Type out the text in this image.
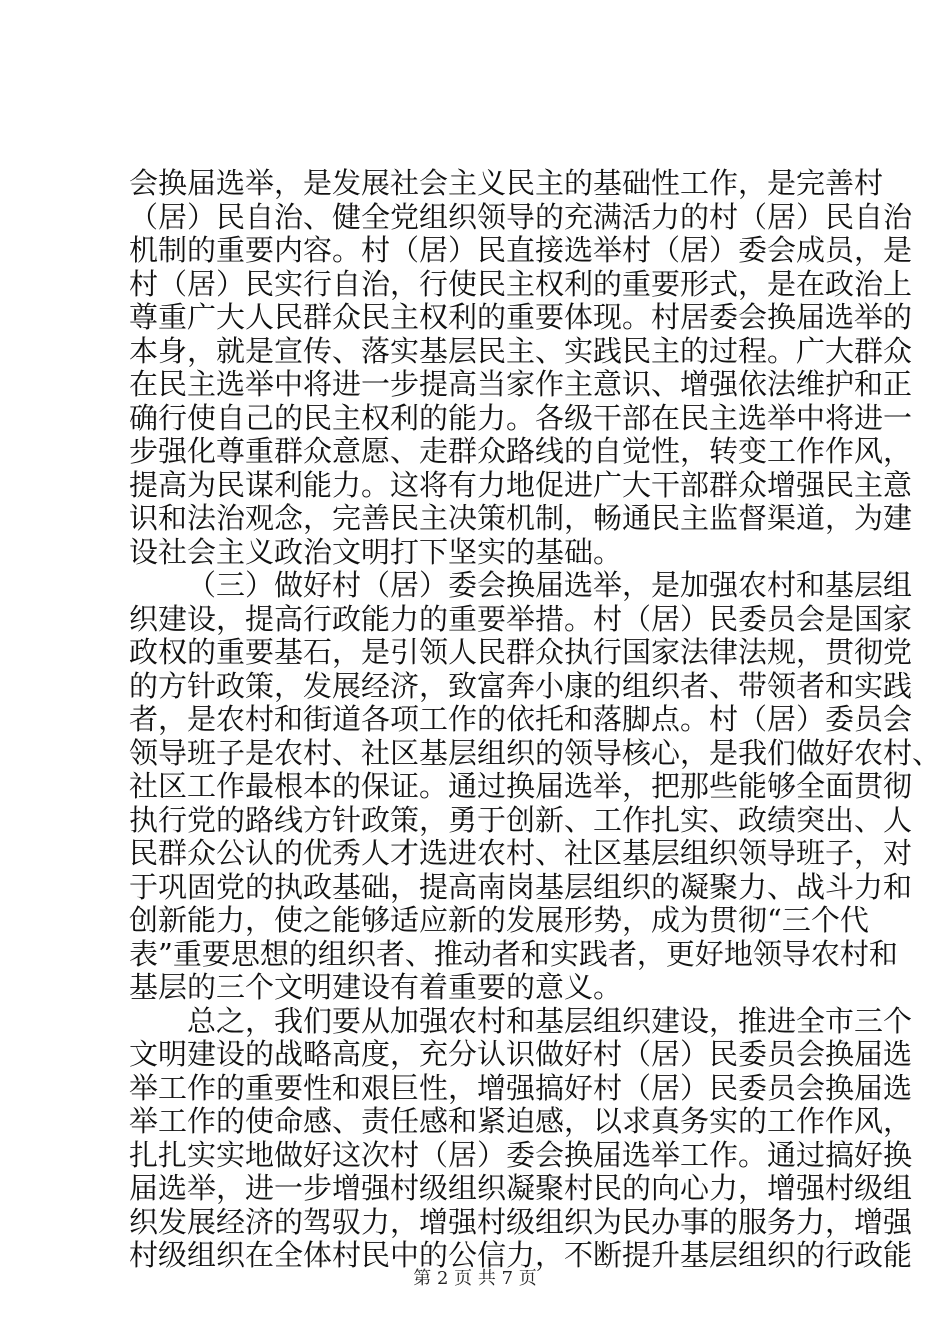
会换届选举，是发展社会主义民主的基础性工作，是完善村
（居）民自治、健全党组织领导的充满活力的村（居）民自治
机制的重要内容。村（居）民直接选举村（居）委会成员，是
村（居）民实行自治，行使民主权利的重要形式，是在政治上
尊重广大人民群众民主权利的重要体现。村居委会换届选举的
本身，就是宣传、落实基层民主、实践民主的过程。广大群众
在民主选举中将进一步提高当家作主意识、增强依法维护和正
确行使自己的民主权利的能力。各级干部在民主选举中将进一
步强化尊重群众意愿、走群众路线的自觉性，转变工作作风，
提高为民谋利能力。这将有力地促进广大干部群众增强民主意
识和法治观念，完善民主决策机制，畅通民主监督渠道，为建
设社会主义政治文明打下坚实的基础。
（三）做好村（居）委会换届选举，是加强农村和基层组
织建设，提高行政能力的重要举措。村（居）民委员会是国家
政权的重要基石，是引领人民群众执行国家法律法规，贯彻党
的方针政策，发展经济，致富奔小康的组织者、带领者和实践
者，是农村和街道各项工作的依托和落脚点。村（居）委员会
领导班子是农村、社区基层组织的领导核心，是我们做好农村、
社区工作最根本的保证。通过换届选举，把那些能够全面贯彻
执行党的路线方针政策，勇于创新、工作扎实、政绩突出、人
民群众公认的优秀人才选进农村、社区基层组织领导班子，对
于巩固党的执政基础，提高南岗基层组织的凝聚力、战斗力和
创新能力，使之能够适应新的发展形势，成为贯彻“三个代
表”重要思想的组织者、推动者和实践者，更好地领导农村和
基层的三个文明建设有着重要的意义。
总之，我们要从加强农村和基层组织建设，推进全市三个
文明建设的战略高度，充分认识做好村（居）民委员会换届选
举工作的重要性和艰巨性，增强搞好村（居）民委员会换届选
举工作的使命感、责任感和紧迫感，以求真务实的工作作风，
扎扎实实地做好这次村（居）委会换届选举工作。通过搞好换
届选举，进一步增强村级组织凝聚村民的向心力，增强村级组
织发展经济的驾驭力，增强村级组织为民办事的服务力，增强
村级组织在全体村民中的公信力，不断提升基层组织的行政能
第 2 页 共 7 页
